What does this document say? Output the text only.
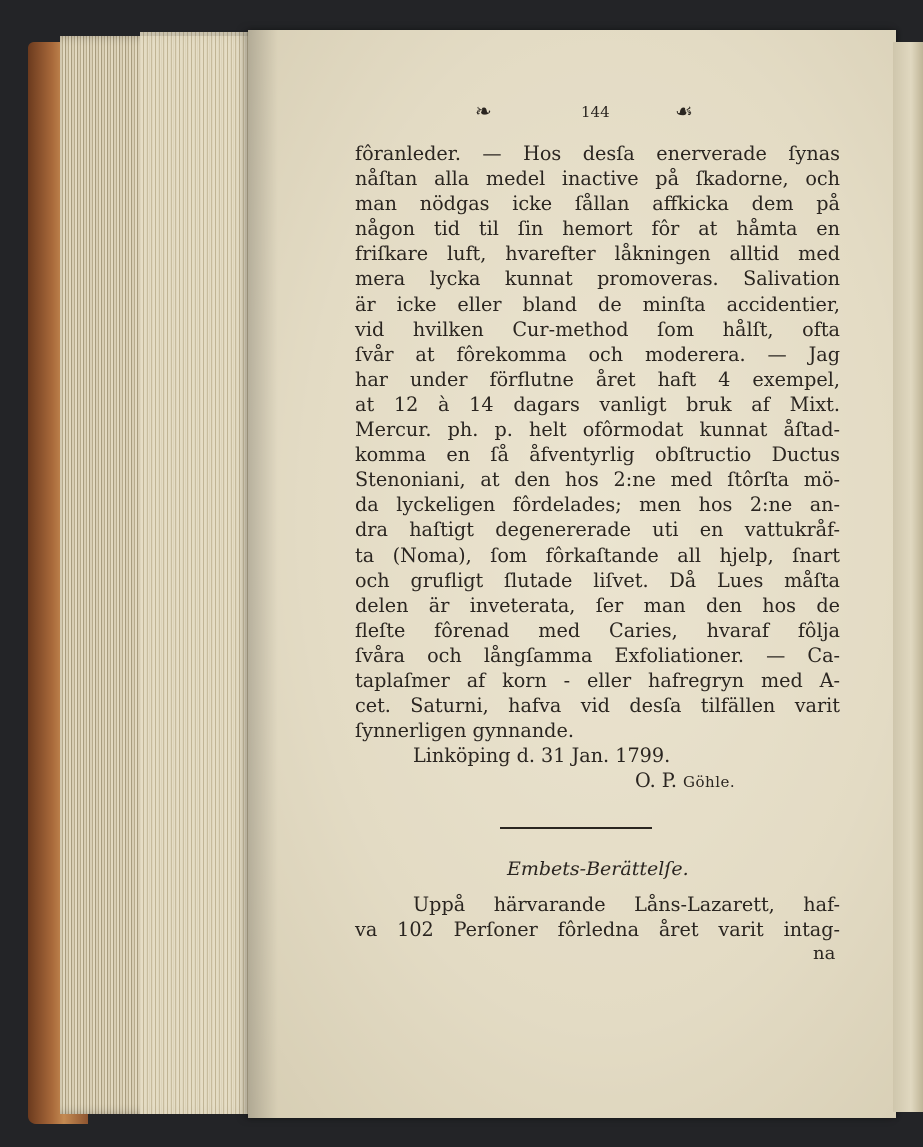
❧	144	☙
fôranleder. — Hos desſa enerverade ſynas
nåſtan alla medel inactive på ſkadorne, och
man nödgas icke ſållan affkicka dem på
någon tid til ſin hemort fôr at håmta en
friſkare luft, hvarefter låkningen alltid med
mera lycka kunnat promoveras. Salivation
är icke eller bland de minſta accidentier,
vid hvilken Cur-method ſom hålſt, ofta
ſvår at fôrekomma och moderera. — Jag
har under förflutne året haft 4 exempel,
at 12 à 14 dagars vanligt bruk af Mixt.
Mercur. ph. p. helt ofôrmodat kunnat åſtad-
komma en ſå åfventyrlig obſtructio Ductus
Stenoniani, at den hos 2:ne med ſtôrſta mö-
da lyckeligen fôrdelades; men hos 2:ne an-
dra haſtigt degenererade uti en vattukråf-
ta (Noma), ſom fôrkaſtande all hjelp, ſnart
och grufligt ſlutade liſvet. Då Lues måſta
delen är inveterata, ſer man den hos de
fleſte fôrenad med Caries, hvaraf fôlja
ſvåra och långſamma Exfoliationer. — Ca-
taplaſmer af korn - eller hafregryn med A-
cet. Saturni, hafva vid desſa tilfällen varit
ſynnerligen gynnande.
Linköping d. 31 Jan. 1799.
O. P. Göhle.
Embets-Berättelſe.
Uppå härvarande Låns-Lazarett, haf-
va 102 Perſoner fôrledna året varit intag-
na
